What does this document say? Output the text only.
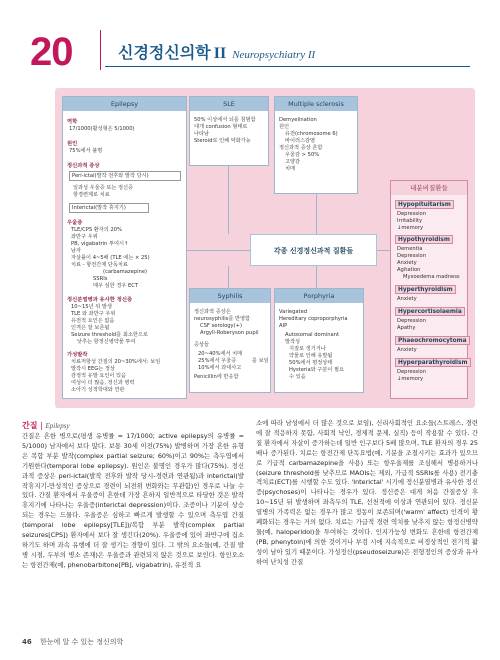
20	신경정신의학 II Neuropsychiatry II
Epilepsy
역학
17/1000(활성형은 5/1000)
원인
75%에서 불명
정신과적 증상
Peri-ictal(발작 전후와 발작 당시)
일과성 우울증 또는 정신증
항경련제로 치료
Interictal(발작 휴지기)
우울증
TLE/CPS 환자의 20%
좌반구 우위
PB, vigabatrin 투여시↑
남자
자살률이 4~5배 (TLE 에는 × 25)
치료 - 항전간제 단독치료
(carbamazepine)
SSRIs
매우 심한 경우 ECT
정신분열병과 유사한 정신증
10~15년 뒤 발생
TLE 와 좌반구 우위
유전적 요인은 없음
인격은 잘 보존됨
Seizure threshold를 최소한으로
낮추는 항정신병약물 투여
가성발작
치료저항성 간질의 20~30%에서: 보임
발작시 EEG는 정상
감정적 유발 요인이 있음
여성이 더 많음, 정신과 병력
소아기 성적학대와 연관
SLE
50% 이상에서 뇌를 침범함
대개 confusion 형태로
나타남
Steroid로 인해 악화가능
Multiple sclerosis
Demyelination
원인
유전(chromosome 6)
바이러스감염
정신과적 증상 흔함
우울감 > 50%
고양감
치매
각종 신경정신과적 질환들
Syphilis
정신과적 증상은
neurosyphilis를 반영함
CSF serology(+)
Argyll-Roberyson pupil
증상들
20~40%에서 치매
25%에서 우울증
10%에서 과대사고
Penicillin에 반응함
를 보임
Porphyria
Variegated
Hereditary coproporphyria
AIP
Autosomal dominant
발작성
지질로 생기거나
약물로 인해 유발됨
50%에서 평정상태
Hysteria와 구분이 필요
수 있음
내분비질환들
Hypopituitarism
Depression
Irritability
↓memory
Hypothyroidism
Dementia
Depression
Anxiety
Agitation
Myxoedema madness
Hyperthyroidism
Anxiety
Hypercortisolaemia
Depression
Apathy
Phaeochromocytoma
Anxiety
Hyperparathyroidism
Depression
↓memory
간질 | Epilepsy
간질은 흔한 병으로(평생 유병률 = 17/1000; active epilepsy의 유병률 = 5/1000) 남자에서 보다 많다. 보통 30세 이전(75%) 발병하며 가장 흔한 유형은 복합 부분 발작(complex partial seizure; 60%)이고 90%는 측두엽에서 기원한다(temporal lobe epilepsy). 원인은 불명인 경우가 많다(75%). 정신과적 증상은 peri-ictal(발작 전후와 발작 당시-경련과 연관됨)과 interictal(발작휴지기-만성적인 증상으로 경련이 뇌전위 변화와는 무관함)인 경우로 나눌 수 있다. 간질 환자에서 우울증이 흔한데 가장 흔하지 일반적으로 타당한 것은 발작휴지기에 나타나는 우울증(interictal depression)이다. 조증이나 기분이 상승되는 경우는 드물다. 우울증은 심하고 빠르게 발생할 수 있으며 측두엽 간질(temporal lobe epilepsy[TLE])/복합 부분 발작(complex partial seizures[CPS]) 환자에서 보다 잘 생긴다(20%). 우울증에 있어 좌반구에 집소하기도 하며 과속 유행에 더 잘 생기는 경향이 있다. 그 밖의 요소들(예, 간질 발병 시점, 두부의 병소 존재)은 우울증과 관련되지 않은 것으로 보인다. 항인오소는 항전간제(예, phenobarbitone[PB], vigabatrin), 유전적 요
소에 따라 남성에서 더 많은 것으로 보임), 신리사회적인 요소들(스트레스, 경련에 잘 적응하지 못함, 사회적 낙인, 경제적 문제, 실직) 등이 작용할 수 있다. 간질 환자에서 자살이 증가하는데 일반 인구보다 5배 많으며, TLE 환자의 경우 25배나 증가된다. 치료는 항전간제 단독요법(예, 기분을 조절시키는 효과가 있으므로 기급적 carbamazepine을 사용) 또는 항우울제를 조심해서 병용하거나(seizure threshold를 낮추므로 MAOIs는 제외, 가급적 SSRIs를 사용) 전기충격치료(ECT)를 시행할 수도 있다. 'Interictal' 시기에 정신분열병과 유사한 정신증(psychoses)이 나타나는 경우가 있다. 정신증은 대게 처음 간질증상 후 10~15년 뒤 발생하며 좌측두의 TLE, 선천적에 이상과 연관되어 있다. 정신분열병의 가족력은 없는 경우가 많고 정동이 보존되며('warm' affect) 인격이 황폐화되는 경우는 거의 없다. 치료는 가급적 경련 역치를 낮추지 않는 항정신병약물(예, haloperidol)을 투여하는 것이다. 인지가능성 변화도 흔한데 항전간제(PB, phenytoin)에 의한 것이거나 부검 시에 지속적으로 비정상적인 전기적 활성이 남아 있기 때문이다. 가성정신(pseudoseizure)은 전형정인의 증상과 유사하여 난치성 간질
46 한눈에 알 수 있는 정신의학
